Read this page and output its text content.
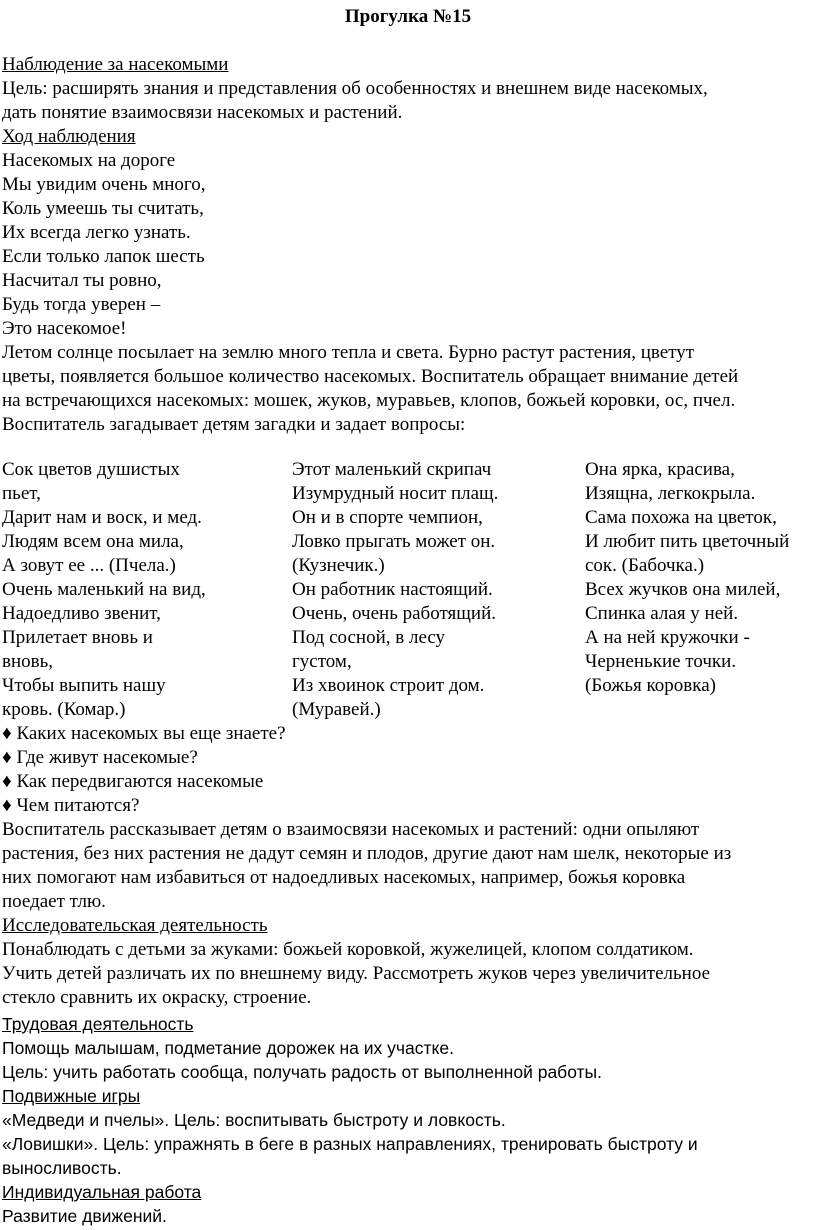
Прогулка №15
Наблюдение за насекомыми
Цель: расширять знания и представления об особенностях и внешнем виде насекомых,
дать понятие взаимосвязи насекомых и растений.
Ход наблюдения
Насекомых на дороге
Мы увидим очень много,
Коль умеешь ты считать,
Их всегда легко узнать.
Если только лапок шесть
Насчитал ты ровно,
Будь тогда уверен –
Это насекомое!
Летом солнце посылает на землю много тепла и света. Бурно растут растения, цветут
цветы, появляется большое количество насекомых. Воспитатель обращает внимание детей
на встречающихся насекомых: мошек, жуков, муравьев, клопов, божьей коровки, ос, пчел.
Воспитатель загадывает детям загадки и задает вопросы:
Сок цветов душистых
пьет,
Дарит нам и воск, и мед.
Людям всем она мила,
А зовут ее ... (Пчела.)
Очень маленький на вид,
Надоедливо звенит,
Прилетает вновь и
вновь,
Чтобы выпить нашу
кровь. (Комар.)
Этот маленький скрипач
Изумрудный носит плащ.
Он и в спорте чемпион,
Ловко прыгать может он.
(Кузнечик.)
Он работник настоящий.
Очень, очень работящий.
Под сосной, в лесу
густом,
Из хвоинок строит дом.
(Муравей.)
Она ярка, красива,
Изящна, легкокрыла.
Сама похожа на цветок,
И любит пить цветочный
сок. (Бабочка.)
Всех жучков она милей,
Спинка алая у ней.
А на ней кружочки -
Черненькие точки.
(Божья коровка)
♦ Каких насекомых вы еще знаете?
♦ Где живут насекомые?
♦ Как передвигаются насекомые
♦ Чем питаются?
Воспитатель рассказывает детям о взаимосвязи насекомых и растений: одни опыляют
растения, без них растения не дадут семян и плодов, другие дают нам шелк, некоторые из
них помогают нам избавиться от надоедливых насекомых, например, божья коровка
поедает тлю.
Исследовательская деятельность
Понаблюдать с детьми за жуками: божьей коровкой, жужелицей, клопом солдатиком.
Учить детей различать их по внешнему виду. Рассмотреть жуков через увеличительное
стекло сравнить их окраску, строение.
Трудовая деятельность
Помощь малышам, подметание дорожек на их участке.
Цель: учить работать сообща, получать радость от выполненной работы.
Подвижные игры
«Медведи и пчелы». Цель: воспитывать быстроту и ловкость.
«Ловишки». Цель: упражнять в беге в разных направлениях, тренировать быстроту и
выносливость.
Индивидуальная работа
Развитие движений.
